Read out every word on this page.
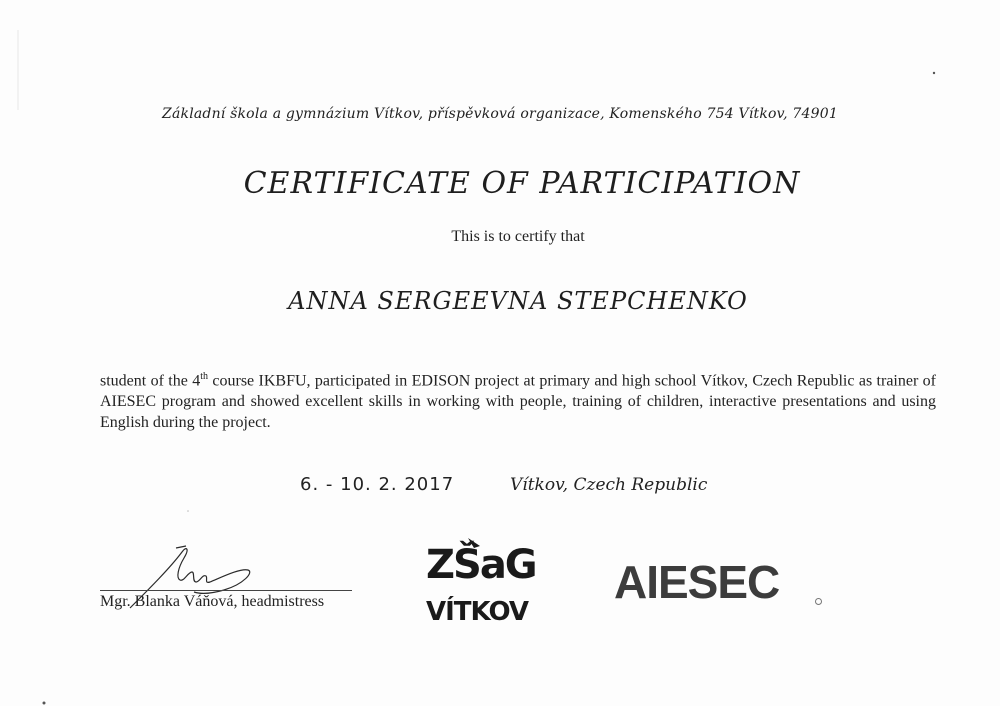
Základní škola a gymnázium Vítkov, příspěvková organizace, Komenského 754 Vítkov, 74901
CERTIFICATE OF PARTICIPATION
This is to certify that
ANNA SERGEEVNA STEPCHENKO
student of the 4th course IKBFU, participated in EDISON project at primary and high school Vítkov, Czech Republic as trainer of AIESEC program and showed excellent skills in working with people, training of children, interactive presentations and using English during the project.
6. - 10. 2. 2017	Vítkov, Czech Republic
Mgr. Blanka Váňová, headmistress
ZŠaG
VÍTKOV
AIESEC
